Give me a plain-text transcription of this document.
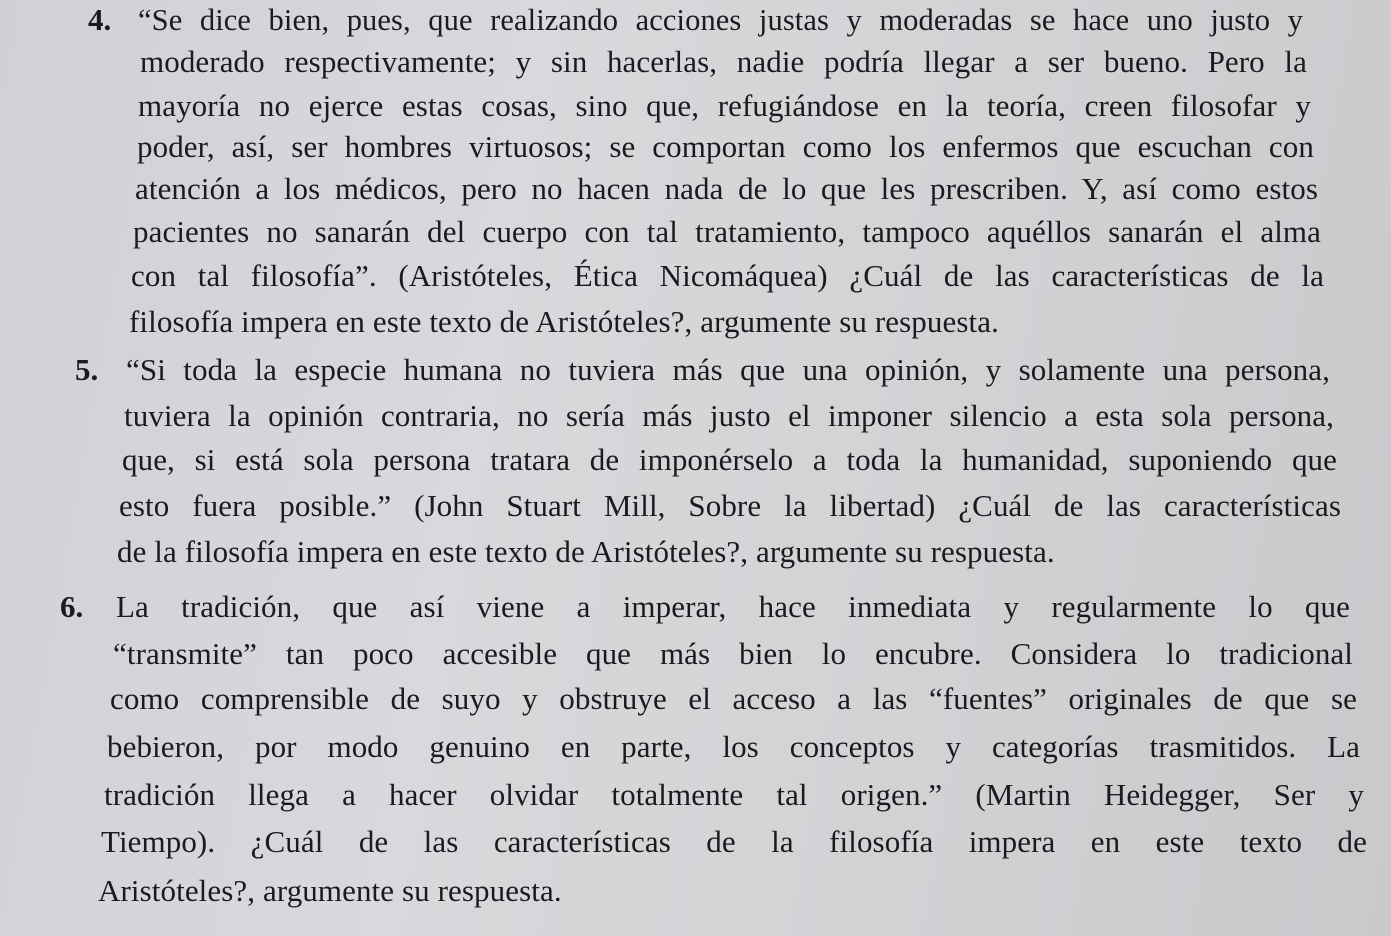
4. “Se dice bien, pues, que realizando acciones justas y moderadas se hace uno justo y
moderado respectivamente; y sin hacerlas, nadie podría llegar a ser bueno. Pero la
mayoría no ejerce estas cosas, sino que, refugiándose en la teoría, creen filosofar y
poder, así, ser hombres virtuosos; se comportan como los enfermos que escuchan con
atención a los médicos, pero no hacen nada de lo que les prescriben. Y, así como estos
pacientes no sanarán del cuerpo con tal tratamiento, tampoco aquéllos sanarán el alma
con tal filosofía”. (Aristóteles, Ética Nicomáquea) ¿Cuál de las características de la
filosofía impera en este texto de Aristóteles?, argumente su respuesta.
5. “Si toda la especie humana no tuviera más que una opinión, y solamente una persona,
tuviera la opinión contraria, no sería más justo el imponer silencio a esta sola persona,
que, si está sola persona tratara de imponérselo a toda la humanidad, suponiendo que
esto fuera posible.” (John Stuart Mill, Sobre la libertad) ¿Cuál de las características
de la filosofía impera en este texto de Aristóteles?, argumente su respuesta.
6. La tradición, que así viene a imperar, hace inmediata y regularmente lo que
“transmite” tan poco accesible que más bien lo encubre. Considera lo tradicional
como comprensible de suyo y obstruye el acceso a las “fuentes” originales de que se
bebieron, por modo genuino en parte, los conceptos y categorías trasmitidos. La
tradición llega a hacer olvidar totalmente tal origen.” (Martin Heidegger, Ser y
Tiempo). ¿Cuál de las características de la filosofía impera en este texto de
Aristóteles?, argumente su respuesta.
